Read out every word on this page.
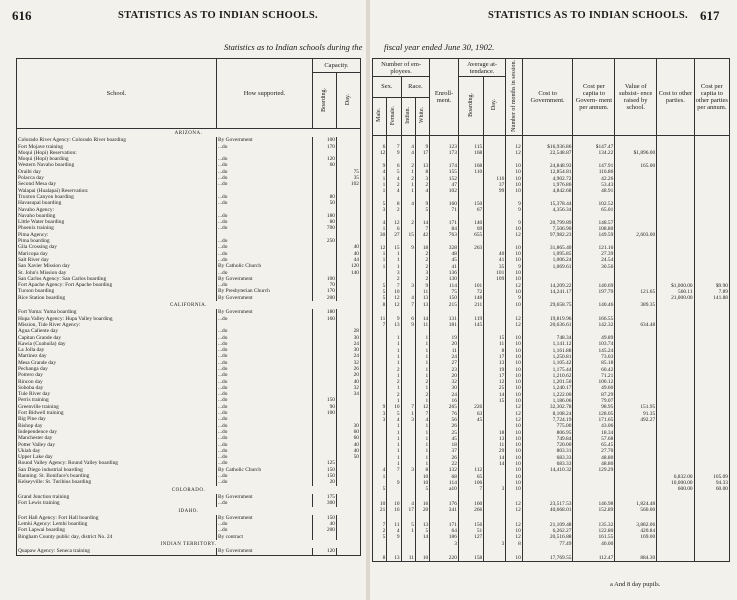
616	STATISTICS AS TO INDIAN SCHOOLS.
Statistics as to Indian schools during the
School.	How supported.	Capacity.	
		Boarding.	Day.
ARIZONA.			
Colorado River Agency: Colorado River boarding	By Government	100	
Fort Mojave training	...do	170	
Moqui (Hopi) Reservation:			
Moqui (Hopi) boarding	...do	120	
Western Navaho boarding	...do	60	
Oraibi day	...do		75
Polacca day	...do		35
Second Mesa day	...do		102
Walapai (Hualapai) Reservation:			
Truxton Canyon boarding	...do	80	
Havasupai boarding	...do	50	
Navaho Agency:			
Navaho boarding	...do	180	
Little Water boarding	...do	80	
Phoenix training	...do	700	
Pima Agency:			
Pima boarding	...do	250	
Gila Crossing day	...do		40
Maricopa day	...do		40
Salt River day	...do		44
San Xavier Mission day	By Catholic Church		120
St. John's Mission day	...do		140
San Carlos Agency: San Carlos boarding	By Government	100	
Fort Apache Agency: Fort Apache boarding	...do	70	
Tucson boarding	By Presbyterian Church	170	
Rice Station boarding	By Government	200	
CALIFORNIA.			
Fort Yuma: Yuma boarding	By Government	180	
Hupa Valley Agency: Hupa Valley boarding	...do	160	
Mission, Tule River Agency:			
Agua Caliente day	...do		28
Capitan Grande day	...do		30
Kawia (Coahuila) day	...do		24
La Jolla day	...do		30
Martinez day	...do		24
Mesa Grande day	...do		32
Pechanga day	...do		26
Potrero day	...do		20
Rincon day	...do		40
Soboba day	...do		32
Tule River day	...do		34
Perris training	...do	150	
Greenville training	...do	90	
Fort Bidwell training	...do	100	
Big Pine day	...do		
Bishop day	...do		30
Independence day	...do		60
Manchester day	...do		60
Potter Valley day	...do		40
Ukiah day	...do		40
Upper Lake day	...do		50
Round Valley Agency: Round Valley boarding	...do	125	
San Diego industrial boarding	By Catholic Church	150	
Banning: St. Boniface's boarding	...do	150	
Kelseyville: St. Turibius boarding	...do	20	
COLORADO.			
Grand Junction training	By Government	175	
Fort Lewis training	...do	300	
IDAHO.			
Fort Hall Agency: Fort Hall boarding	By Government	150	
Lemhi Agency: Lemhi boarding	...do	40	
Fort Lapwai boarding	...do	200	
Bingham County public day, district No. 24	By contract		
INDIAN TERRITORY.			
Quapaw Agency: Seneca training	By Government	120	
fiscal year ended June 30, 1902.
STATISTICS AS TO INDIAN SCHOOLS. 617
Number of em- ployees.				Enroll- ment.	Average at- tendance.		Number of months in session.	Cost to Government.	Cost per capita to Govern- ment per annum.	Value of subsist- ence raised by school.	Cost to other parties.	Cost per capita to other parties per annum.
Sex.		Race.			Boarding.	Day.						
Male.	Female.	Indian.	White.									

6	7	4	9	123	115		12	$16,936.86	$147.47			
12	9	4	17	173	168		12	22,548.87	134.22	$1,896.00		

9	6	2	13	174	168		10	24,848.93	147.91	165.00		
4	5	1	8	155	110		10	12,854.81	116.86			
1	4	2	3	152		116	10	4,902.72	42.26			
1	2	1	2	47		37	10	1,976.86	53.43			
1	4	1	4	102		99	10	4,842.68	48.91			

5	8	4	9	160	150		9	15,378.44	102.52			
3	2		5	71	67		9	4,356.34	65.01			

4	12	2	14	171	140		9	20,799.89	148.57			
1	6		7	84	69		10	7,506.90	108.80			
30	27	15	42	763	655		12	97,982.23	149.59	2,603.00		

12	15	9	18	328	263		10	31,865.40	121.16			
1	1		2	48		40	10	1,095.85	27.39			
1	1		2	45		41	10	1,006.24	24.54			
1	1		2	41		35	9	1,069.61	30.56			
	3		3	136		101	10					
	2		2	130		109	10					
5	7	3	9	114	101		12	14,209.22	140.69		$1,000.00	$9.90
5	10		11	75	72		10	14,241.17	197.79	121.65	560.11	7.89
5	12	4	13	150	148		9				21,000.00	141.88
8	12	7	13	215	211		10	29,658.75	140.46	389.35		

11	9	6	14	131	119		12	19,819.96	166.55			
7	13	9	11	181	145		12	20,636.61	142.32	634.48		

	1		1	19		15	10	748.34	49.89			
	1		1	20		11	10	1,141.12	103.74			
	1		1	11		8	10	1,161.88	145.24			
	1		1	24		17	10	1,250.81	73.03			
	1		1	27		13	10	1,105.42	85.18			
	2		1	23		19	10	1,175.44	60.42			
	1		1	20		17	10	1,210.62	71.21			
	2		2	32		12	10	1,201.50	100.12			
	1		1	30		25	10	1,240.17	49.60			
	2		2	24		14	10	1,222.00	87.29			
	1		1	16		15	10	1,186.06	79.07			
9	10	7	12	265	226		12	32,302.78	98.95	151.95		
3	5	1	7	76	63		12	8,108.24	128.05	91.35		
3	4	3	4	56	45		12	7,724.19	171.65	492.27		
	1		1	26			10	775.00	43.06			
	1		1	25		18	10	806.95	18.34			
	1		1	45		13	10	749.84	57.68			
	1		1	18		11	10	720.00	65.45			
	1		1	37		29	10	803.31	27.70			
	1		1	26		14	10	683.33	48.80			
	1		1	22		14	10	683.33	48.80			
4	7	3	8	132	112		10	14,410.32	129.29			
1			10	68	65		10				6,832.00	105.09
	9		10	114	106		10				10,000.00	94.33
5			5	a10	7	3	10				600.00	60.00

10	10	4	16	176	160		12	23,517.53	146.98	1,824.48		
21	16	17	20	341	266		12	40,668.01	152.89	560.00		

7	11	5	13	171	156		12	21,109.48	135.32	3,882.06		
2	4	1	5	64	51		10	6,262.27	122.80	420.84		
5	9		14	186	127		12	20,516.88	161.55	169.00		
				3		3	8	77.49	40.00			

8	13	11	10	220	158		10	17,769.55	112.47	884.30		
a And 8 day pupils.
